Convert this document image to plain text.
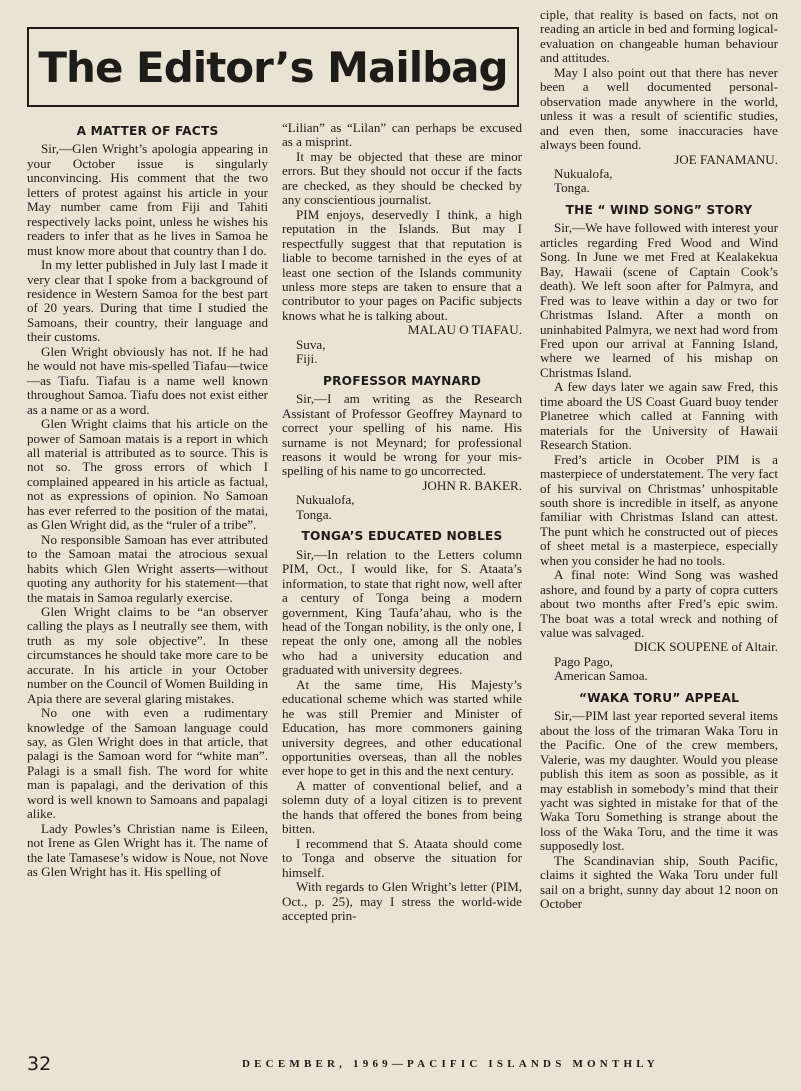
The Editor’s Mailbag
A MATTER OF FACTS

Sir,—Glen Wright’s apologia appearing in your October issue is singularly unconvincing. His comment that the two letters of protest against his article in your May number came from Fiji and Tahiti respectively lacks point, unless he wishes his readers to infer that as he lives in Samoa he must know more about that country than I do.

In my letter published in July last I made it very clear that I spoke from a background of residence in Western Samoa for the best part of 20 years. During that time I studied the Samoans, their country, their language and their customs.

Glen Wright obviously has not. If he had he would not have mis-spelled Tiafau—twice—as Tiafu. Tiafau is a name well known throughout Samoa. Tiafu does not exist either as a name or as a word.

Glen Wright claims that his article on the power of Samoan matais is a report in which all material is attributed as to source. This is not so. The gross errors of which I complained appeared in his article as factual, not as expressions of opinion. No Samoan has ever referred to the position of the matai, as Glen Wright did, as the “ruler of a tribe”.

No responsible Samoan has ever attributed to the Samoan matai the atrocious sexual habits which Glen Wright asserts—without quoting any authority for his statement—that the matais in Samoa regularly exercise.

Glen Wright claims to be “an observer calling the plays as I neutrally see them, with truth as my sole objective”. In these circumstances he should take more care to be accurate. In his article in your October number on the Council of Women Building in Apia there are several glaring mistakes.

No one with even a rudimentary knowledge of the Samoan language could say, as Glen Wright does in that article, that palagi is the Samoan word for “white man”. Palagi is a small fish. The word for white man is papalagi, and the derivation of this word is well known to Samoans and papalagi alike.

Lady Powles’s Christian name is Eileen, not Irene as Glen Wright has it. The name of the late Tamasese’s widow is Noue, not Nove as Glen Wright has it. His spelling of

“Lilian” as “Lilan” can perhaps be excused as a misprint.

It may be objected that these are minor errors. But they should not occur if the facts are checked, as they should be checked by any conscientious journalist.

PIM enjoys, deservedly I think, a high reputation in the Islands. But may I respectfully suggest that that reputation is liable to become tarnished in the eyes of at least one section of the Islands community unless more steps are taken to ensure that a contributor to your pages on Pacific subjects knows what he is talking about.

MALAU O TIAFAU.

Suva,

Fiji.

PROFESSOR MAYNARD

Sir,—I am writing as the Research Assistant of Professor Geoffrey Maynard to correct your spelling of his name. His surname is not Meynard; for professional reasons it would be wrong for your mis-spelling of his name to go uncorrected.

JOHN R. BAKER.

Nukualofa,

Tonga.

TONGA’S EDUCATED NOBLES

Sir,—In relation to the Letters column PIM, Oct., I would like, for S. Ataata’s information, to state that right now, well after a century of Tonga being a modern government, King Taufa’ahau, who is the head of the Tongan nobility, is the only one, I repeat the only one, among all the nobles who had a university education and graduated with university degrees.

At the same time, His Majesty’s educational scheme which was started while he was still Premier and Minister of Education, has more commoners gaining university degrees, and other educational opportunities overseas, than all the nobles ever hope to get in this and the next century.

A matter of conventional belief, and a solemn duty of a loyal citizen is to prevent the hands that offered the bones from being bitten.

I recommend that S. Ataata should come to Tonga and observe the situation for himself.

With regards to Glen Wright’s letter (PIM, Oct., p. 25), may I stress the world-wide accepted prin-

ciple, that reality is based on facts, not on reading an article in bed and forming logical-evaluation on changeable human behaviour and attitudes.

May I also point out that there has never been a well documented personal-observation made anywhere in the world, unless it was a result of scientific studies, and even then, some inaccuracies have always been found.

JOE FANAMANU.

Nukualofa,

Tonga.

THE “ WIND SONG” STORY

Sir,—We have followed with interest your articles regarding Fred Wood and Wind Song. In June we met Fred at Kealakekua Bay, Hawaii (scene of Captain Cook’s death). We left soon after for Palmyra, and Fred was to leave within a day or two for Christmas Island. After a month on uninhabited Palmyra, we next had word from Fred upon our arrival at Fanning Island, where we learned of his mishap on Christmas Island.

A few days later we again saw Fred, this time aboard the US Coast Guard buoy tender Planetree which called at Fanning with materials for the University of Hawaii Research Station.

Fred’s article in Ocober PIM is a masterpiece of understatement. The very fact of his survival on Christmas’ unhospitable south shore is incredible in itself, as anyone familiar with Christmas Island can attest. The punt which he constructed out of pieces of sheet metal is a masterpiece, especially when you consider he had no tools.

A final note: Wind Song was washed ashore, and found by a party of copra cutters about two months after Fred’s epic swim. The boat was a total wreck and nothing of value was salvaged.

DICK SOUPENE of Altair.

Pago Pago,

American Samoa.

“WAKA TORU” APPEAL

Sir,—PIM last year reported several items about the loss of the trimaran Waka Toru in the Pacific. One of the crew members, Valerie, was my daughter. Would you please publish this item as soon as possible, as it may establish in somebody’s mind that their yacht was sighted in mistake for that of the Waka Toru Something is strange about the loss of the Waka Toru, and the time it was supposedly lost.

The Scandinavian ship, South Pacific, claims it sighted the Waka Toru under full sail on a bright, sunny day about 12 noon on October

32	DECEMBER, 1969—PACIFIC ISLANDS MONTHLY
